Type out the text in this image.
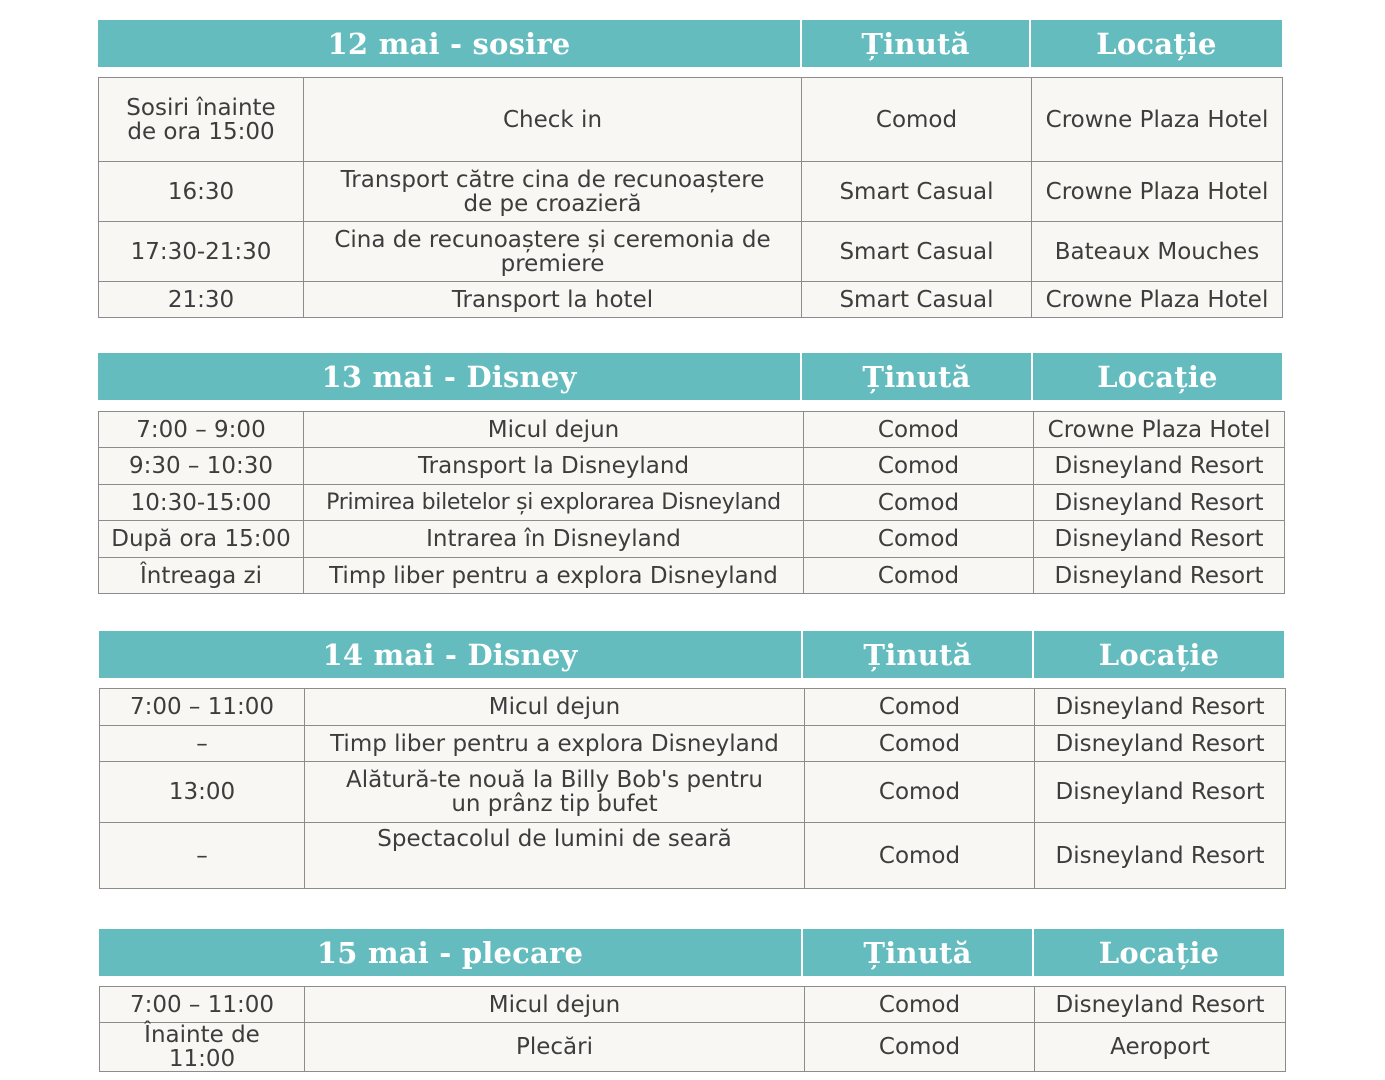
12 mai - sosire	Ținută	Locație
Sosiri înainte de ora 15:00	Check in	Comod	Crowne Plaza Hotel
16:30	Transport către cina de recunoaștere de pe croazieră	Smart Casual	Crowne Plaza Hotel
17:30-21:30	Cina de recunoaștere și ceremonia de premiere	Smart Casual	Bateaux Mouches
21:30	Transport la hotel	Smart Casual	Crowne Plaza Hotel
13 mai - Disney	Ținută	Locație
7:00 – 9:00	Micul dejun	Comod	Crowne Plaza Hotel
9:30 – 10:30	Transport la Disneyland	Comod	Disneyland Resort
10:30-15:00	Primirea biletelor și explorarea Disneyland	Comod	Disneyland Resort
După ora 15:00	Intrarea în Disneyland	Comod	Disneyland Resort
Întreaga zi	Timp liber pentru a explora Disneyland	Comod	Disneyland Resort
14 mai - Disney	Ținută	Locație
7:00 – 11:00	Micul dejun	Comod	Disneyland Resort
–	Timp liber pentru a explora Disneyland	Comod	Disneyland Resort
13:00	Alătură-te nouă la Billy Bob's pentru un prânz tip bufet	Comod	Disneyland Resort
–	Spectacolul de lumini de seară	Comod	Disneyland Resort
15 mai - plecare	Ținută	Locație
7:00 – 11:00	Micul dejun	Comod	Disneyland Resort
Înainte de 11:00	Plecări	Comod	Aeroport
